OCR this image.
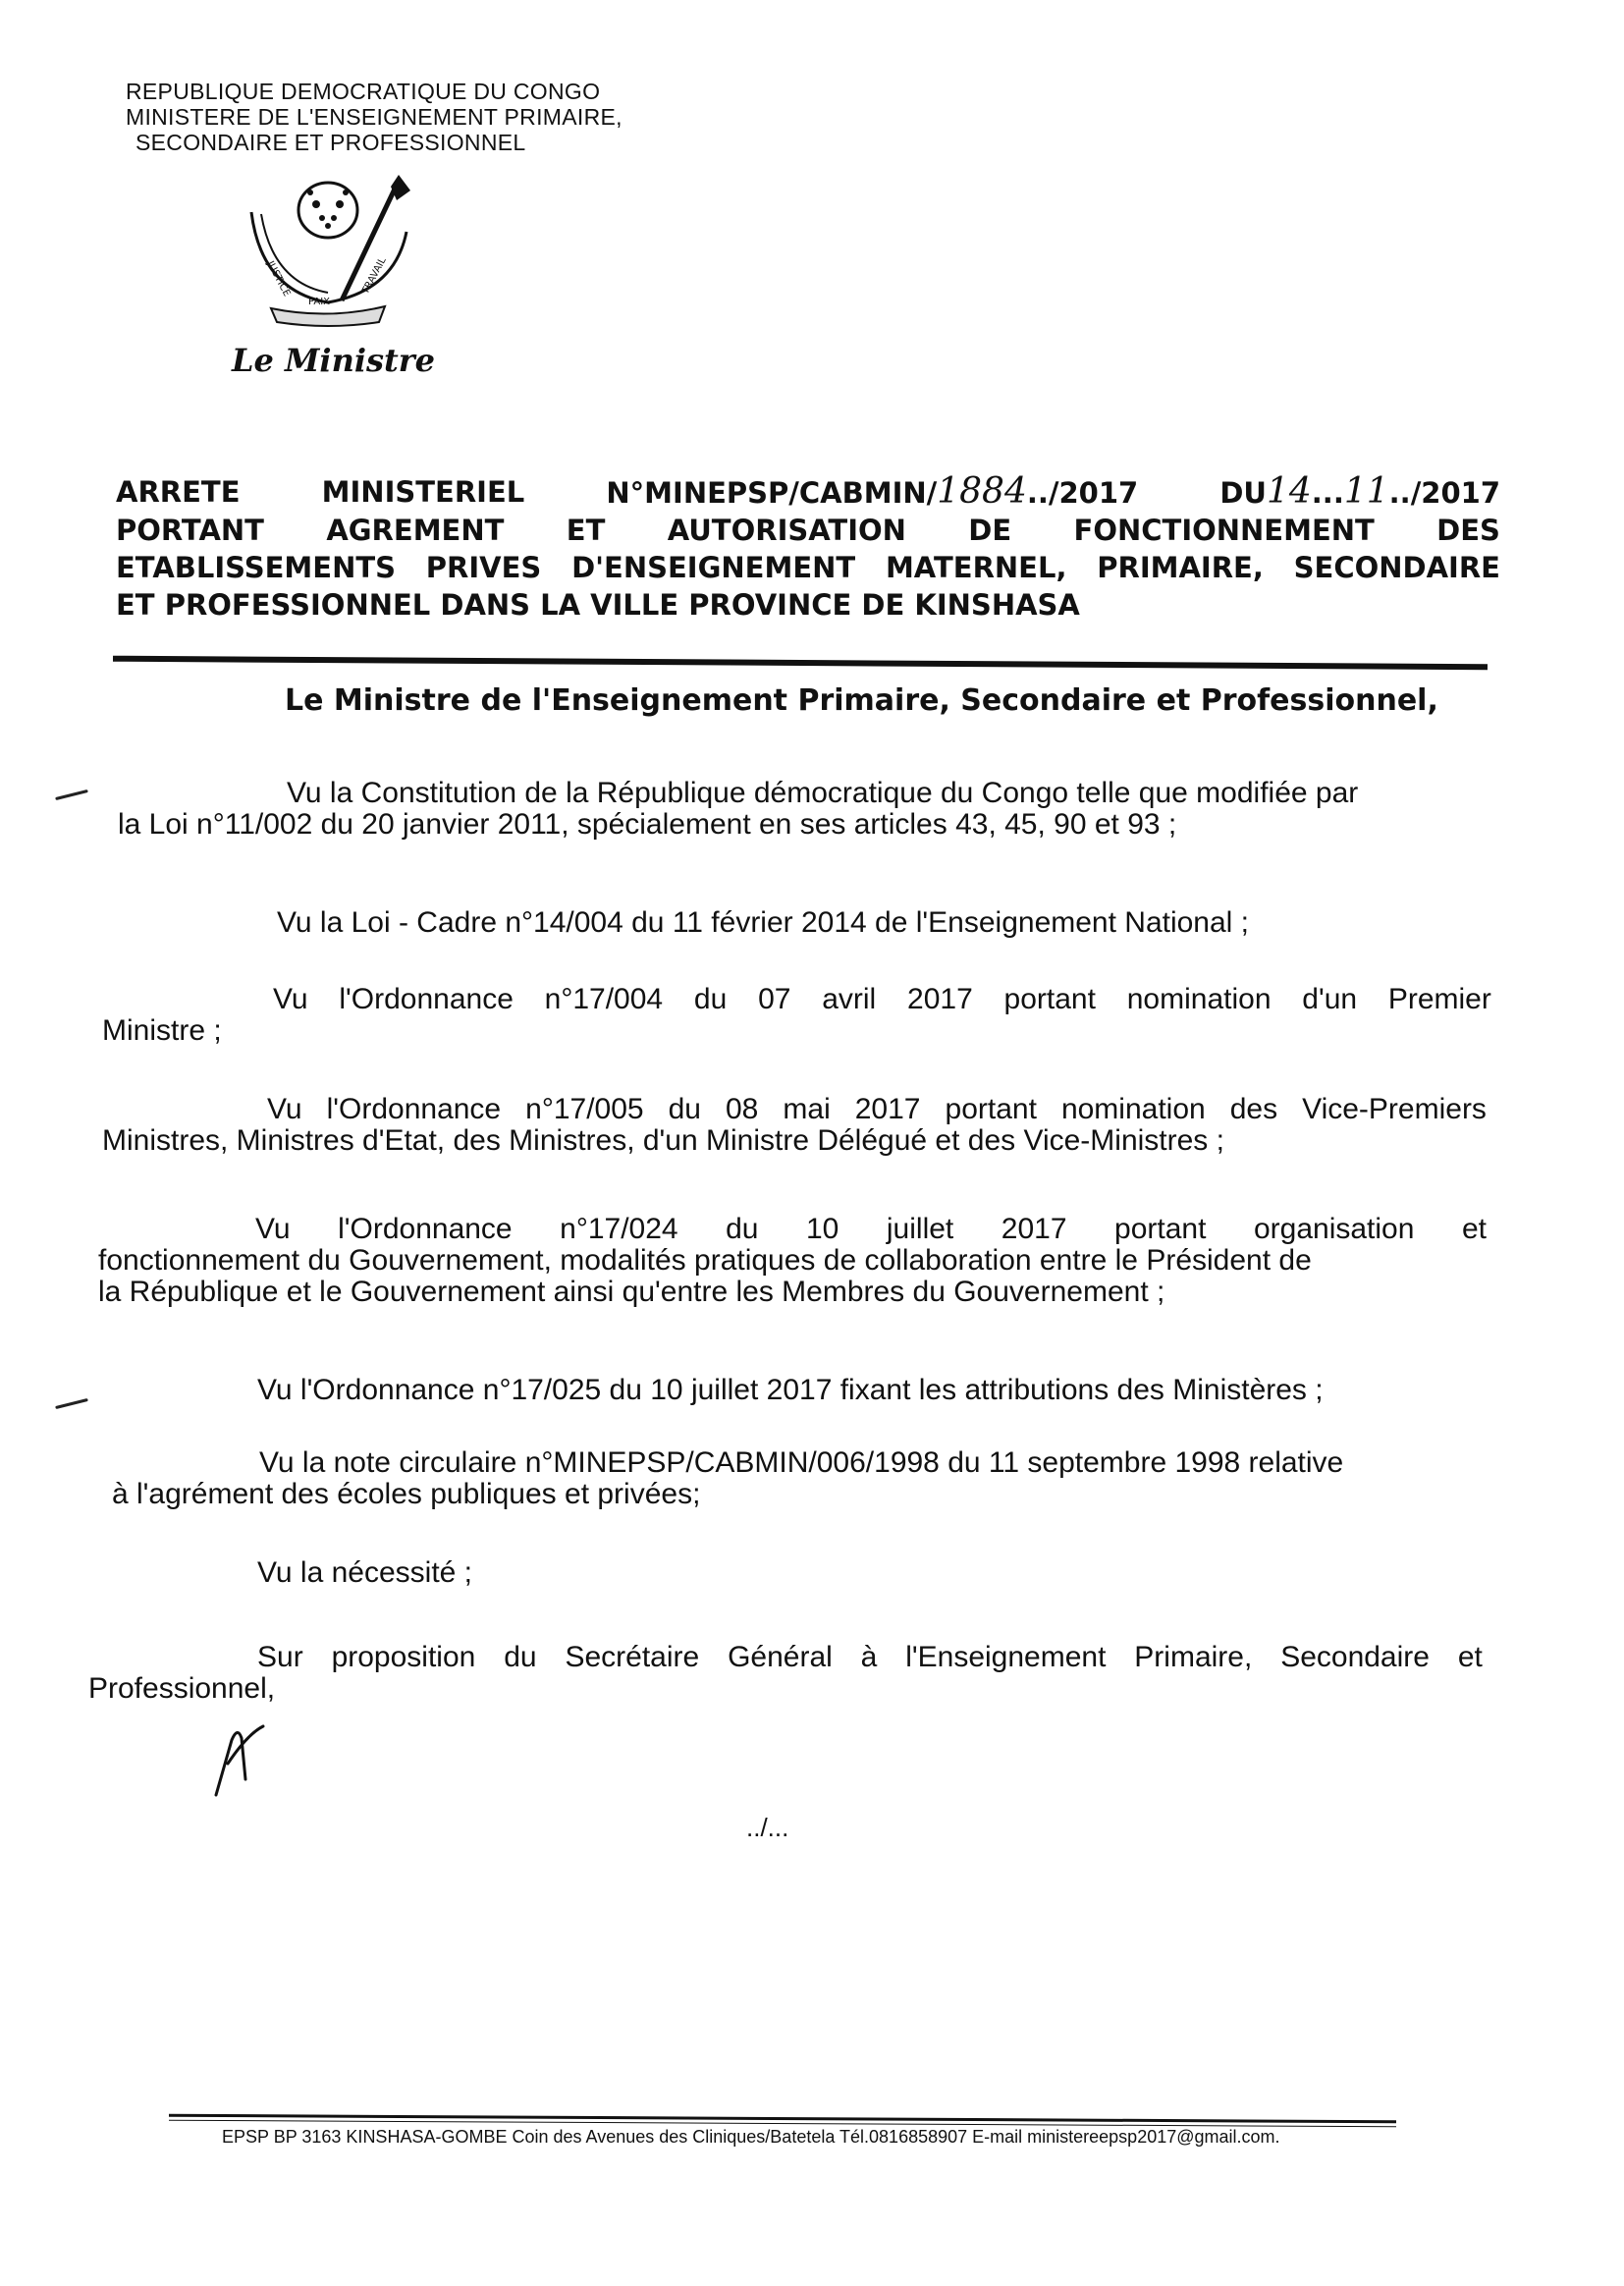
REPUBLIQUE DEMOCRATIQUE DU CONGO
MINISTERE DE L'ENSEIGNEMENT PRIMAIRE,
SECONDAIRE ET PROFESSIONNEL
JUSTICE
PAIX
TRAVAIL
Le Ministre
ARRETE	MINISTERIEL	N°MINEPSP/CABMIN/1884../2017	DU14...11../2017
PORTANT AGREMENT ET AUTORISATION DE FONCTIONNEMENT DES
ETABLISSEMENTS PRIVES D'ENSEIGNEMENT MATERNEL, PRIMAIRE, SECONDAIRE
ET PROFESSIONNEL DANS LA VILLE PROVINCE DE KINSHASA
Le Ministre de l'Enseignement Primaire, Secondaire et Professionnel,
Vu la Constitution de la République démocratique du Congo telle que modifiée par
la Loi n°11/002 du 20 janvier 2011, spécialement en ses articles 43, 45, 90 et 93 ;
Vu la Loi - Cadre n°14/004 du 11 février 2014 de l'Enseignement National ;
Vu l'Ordonnance n°17/004 du 07 avril 2017 portant nomination d'un Premier
Ministre ;
Vu l'Ordonnance n°17/005 du 08 mai 2017 portant nomination des Vice-Premiers
Ministres, Ministres d'Etat, des Ministres, d'un Ministre Délégué et des Vice-Ministres ;
Vu l'Ordonnance n°17/024 du 10 juillet 2017 portant organisation et
fonctionnement du Gouvernement, modalités pratiques de collaboration entre le Président de
la République et le Gouvernement ainsi qu'entre les Membres du Gouvernement ;
Vu l'Ordonnance n°17/025 du 10 juillet 2017 fixant les attributions des Ministères ;
Vu la note circulaire n°MINEPSP/CABMIN/006/1998 du 11 septembre 1998 relative
à l'agrément des écoles publiques et privées;
Vu la nécessité ;
Sur proposition du Secrétaire Général à l'Enseignement Primaire, Secondaire et
Professionnel,
../...
EPSP BP 3163 KINSHASA-GOMBE Coin des Avenues des Cliniques/Batetela Tél.0816858907 E-mail ministereepsp2017@gmail.com.
